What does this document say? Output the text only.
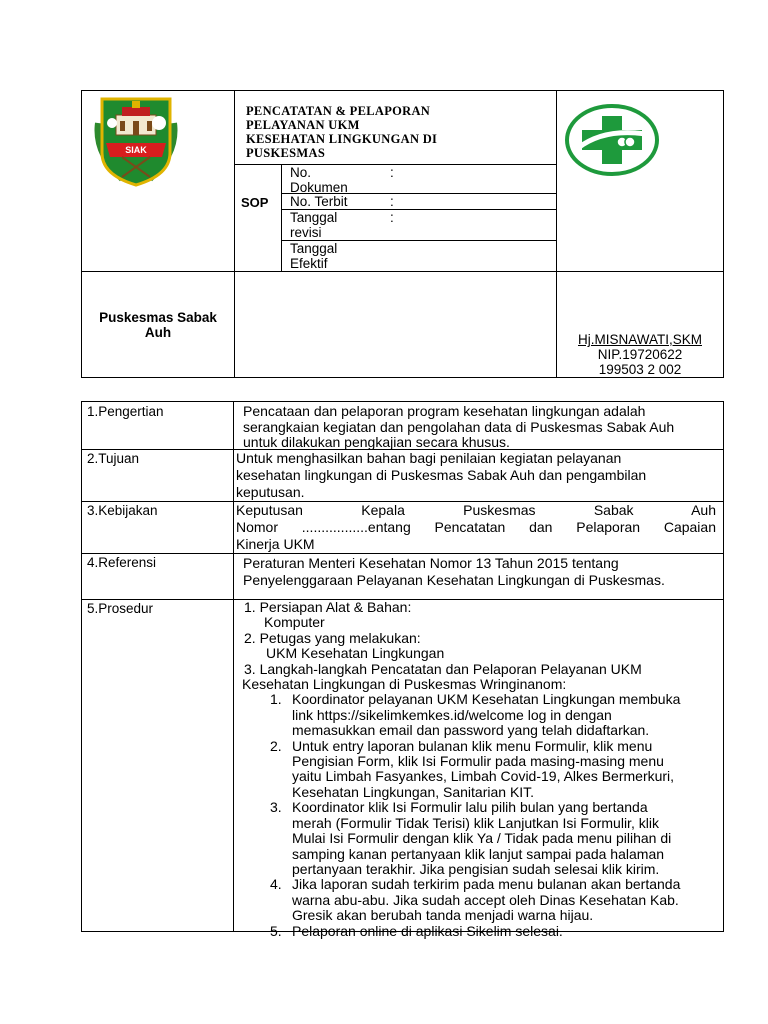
SIAK
PENCATATAN & PELAPORAN
PELAYANAN UKM
KESEHATAN LINGKUNGAN DI
PUSKESMAS
SOP
No.
Dokumen
:
No. Terbit	:
Tanggal
revisi
:
Tanggal
Efektif
Puskesmas Sabak
Auh	Hj.MISNAWATI,SKM
NIP.19720622
199503 2 002
1.Pengertian
2.Tujuan
3.Kebijakan
4.Referensi
5.Prosedur
Pencataan dan pelaporan program kesehatan lingkungan adalah
serangkaian kegiatan dan pengolahan data di Puskesmas Sabak Auh
untuk dilakukan pengkajian secara khusus.
Untuk menghasilkan bahan bagi penilaian kegiatan pelayanan
kesehatan lingkungan di Puskesmas Sabak Auh dan pengambilan
keputusan.
Keputusan Kepala Puskesmas Sabak Auh
Nomor .................entang Pencatatan dan Pelaporan Capaian
Kinerja UKM
Peraturan Menteri Kesehatan Nomor 13 Tahun 2015 tentang
Penyelenggaraan Pelayanan Kesehatan Lingkungan di Puskesmas.
1. Persiapan Alat & Bahan:
Komputer
2. Petugas yang melakukan:
UKM Kesehatan Lingkungan
3. Langkah-langkah Pencatatan dan Pelaporan Pelayanan UKM
Kesehatan Lingkungan di Puskesmas Wringinanom:
1. Koordinator pelayanan UKM Kesehatan Lingkungan membuka
link https://sikelimkemkes.id/welcome log in dengan
memasukkan email dan password yang telah didaftarkan.
2. Untuk entry laporan bulanan klik menu Formulir, klik menu
Pengisian Form, klik Isi Formulir pada masing-masing menu
yaitu Limbah Fasyankes, Limbah Covid-19, Alkes Bermerkuri,
Kesehatan Lingkungan, Sanitarian KIT.
3. Koordinator klik Isi Formulir lalu pilih bulan yang bertanda
merah (Formulir Tidak Terisi) klik Lanjutkan Isi Formulir, klik
Mulai Isi Formulir dengan klik Ya / Tidak pada menu pilihan di
samping kanan pertanyaan klik lanjut sampai pada halaman
pertanyaan terakhir. Jika pengisian sudah selesai klik kirim.
4. Jika laporan sudah terkirim pada menu bulanan akan bertanda
warna abu-abu. Jika sudah accept oleh Dinas Kesehatan Kab.
Gresik akan berubah tanda menjadi warna hijau.
5. Pelaporan online di aplikasi Sikelim selesai.
